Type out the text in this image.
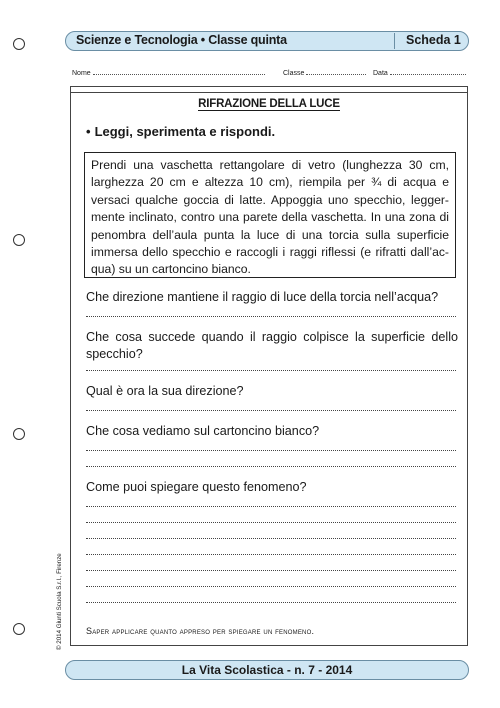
Scienze e Tecnologia • Classe quinta	Scheda 1
Nome	Classe	Data
RIFRAZIONE DELLA LUCE
• Leggi, sperimenta e rispondi.
Prendi una vaschetta rettangolare di vetro (lunghezza 30 cm, larghezza 20 cm e altezza 10 cm), riempila per ¾ di acqua e versaci qualche goccia di latte. Appoggia uno specchio, legger-mente inclinato, contro una parete della vaschetta. In una zona di penombra dell’aula punta la luce di una torcia sulla superficie immersa dello specchio e raccogli i raggi riflessi (e rifratti dall’ac-qua) su un cartoncino bianco.
Che direzione mantiene il raggio di luce della torcia nell’acqua?
Che cosa succede quando il raggio colpisce la superficie dello specchio?
Qual è ora la sua direzione?
Che cosa vediamo sul cartoncino bianco?
Come puoi spiegare questo fenomeno?
Saper applicare quanto appreso per spiegare un fenomeno.
La Vita Scolastica - n. 7 - 2014
© 2014 Giunti Scuola S.r.l., Firenze
